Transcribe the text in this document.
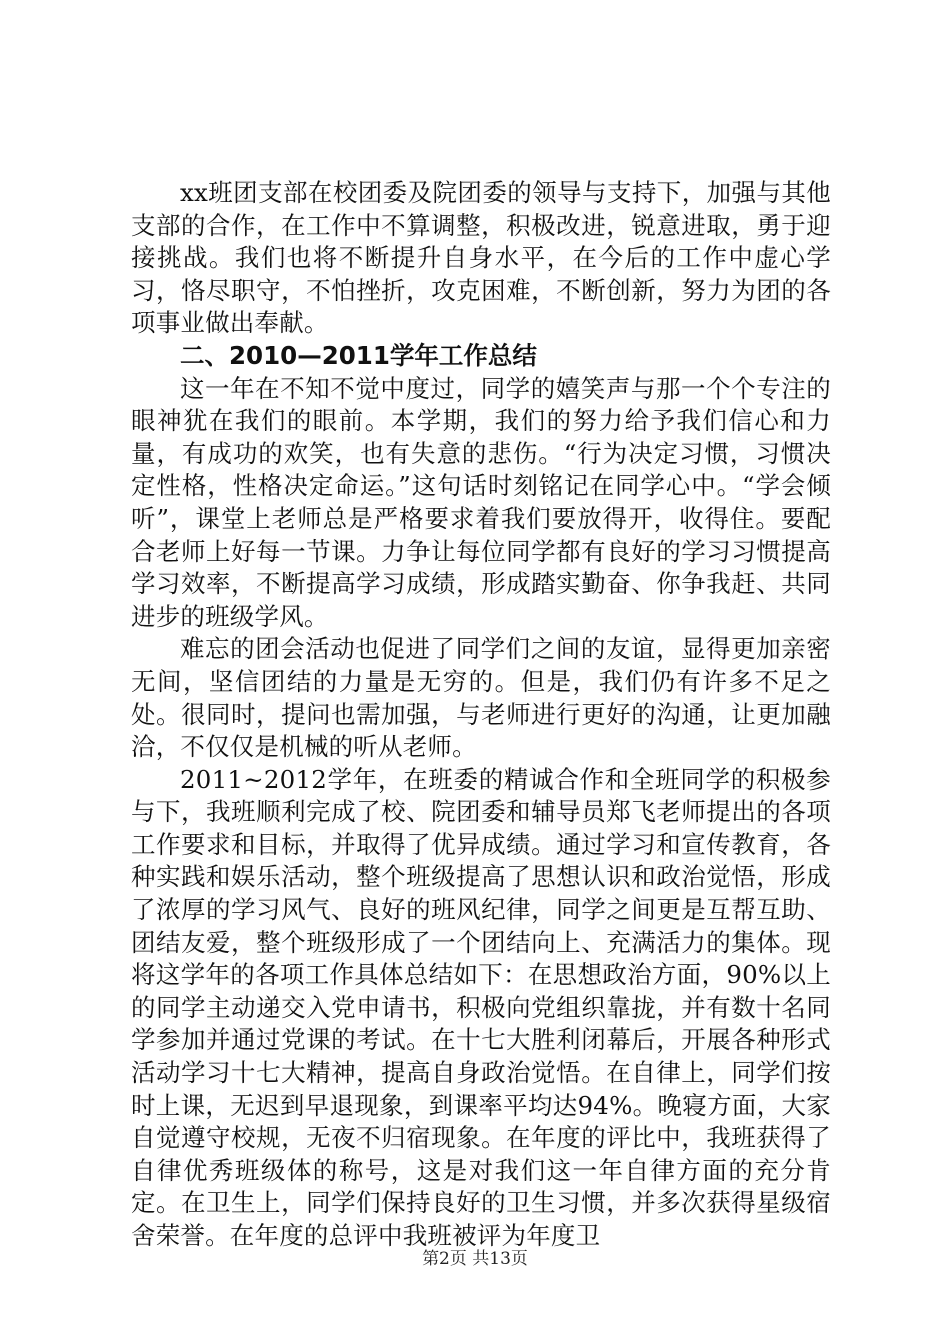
xx班团支部在校团委及院团委的领导与支持下，加强与其他支部的合作，在工作中不算调整，积极改进，锐意进取，勇于迎接挑战。我们也将不断提升自身水平，在今后的工作中虚心学习，恪尽职守，不怕挫折，攻克困难，不断创新，努力为团的各项事业做出奉献。

二、2010—2011学年工作总结

这一年在不知不觉中度过，同学的嬉笑声与那一个个专注的眼神犹在我们的眼前。本学期，我们的努力给予我们信心和力量，有成功的欢笑，也有失意的悲伤。“行为决定习惯，习惯决定性格，性格决定命运。”这句话时刻铭记在同学心中。“学会倾听”，课堂上老师总是严格要求着我们要放得开，收得住。要配合老师上好每一节课。力争让每位同学都有良好的学习习惯提高学习效率，不断提高学习成绩，形成踏实勤奋、你争我赶、共同进步的班级学风。

难忘的团会活动也促进了同学们之间的友谊，显得更加亲密无间，坚信团结的力量是无穷的。但是，我们仍有许多不足之处。很同时，提问也需加强，与老师进行更好的沟通，让更加融洽，不仅仅是机械的听从老师。

2011~2012学年，在班委的精诚合作和全班同学的积极参与下，我班顺利完成了校、院团委和辅导员郑飞老师提出的各项工作要求和目标，并取得了优异成绩。通过学习和宣传教育，各种实践和娱乐活动，整个班级提高了思想认识和政治觉悟，形成了浓厚的学习风气、良好的班风纪律，同学之间更是互帮互助、团结友爱，整个班级形成了一个团结向上、充满活力的集体。现将这学年的各项工作具体总结如下：在思想政治方面，90%以上的同学主动递交入党申请书，积极向党组织靠拢，并有数十名同学参加并通过党课的考试。在十七大胜利闭幕后，开展各种形式活动学习十七大精神，提高自身政治觉悟。在自律上，同学们按时上课，无迟到早退现象，到课率平均达94%。晚寝方面，大家自觉遵守校规，无夜不归宿现象。在年度的评比中，我班获得了自律优秀班级体的称号，这是对我们这一年自律方面的充分肯定。在卫生上，同学们保持良好的卫生习惯，并多次获得星级宿舍荣誉。在年度的总评中我班被评为年度卫

第2页 共13页
